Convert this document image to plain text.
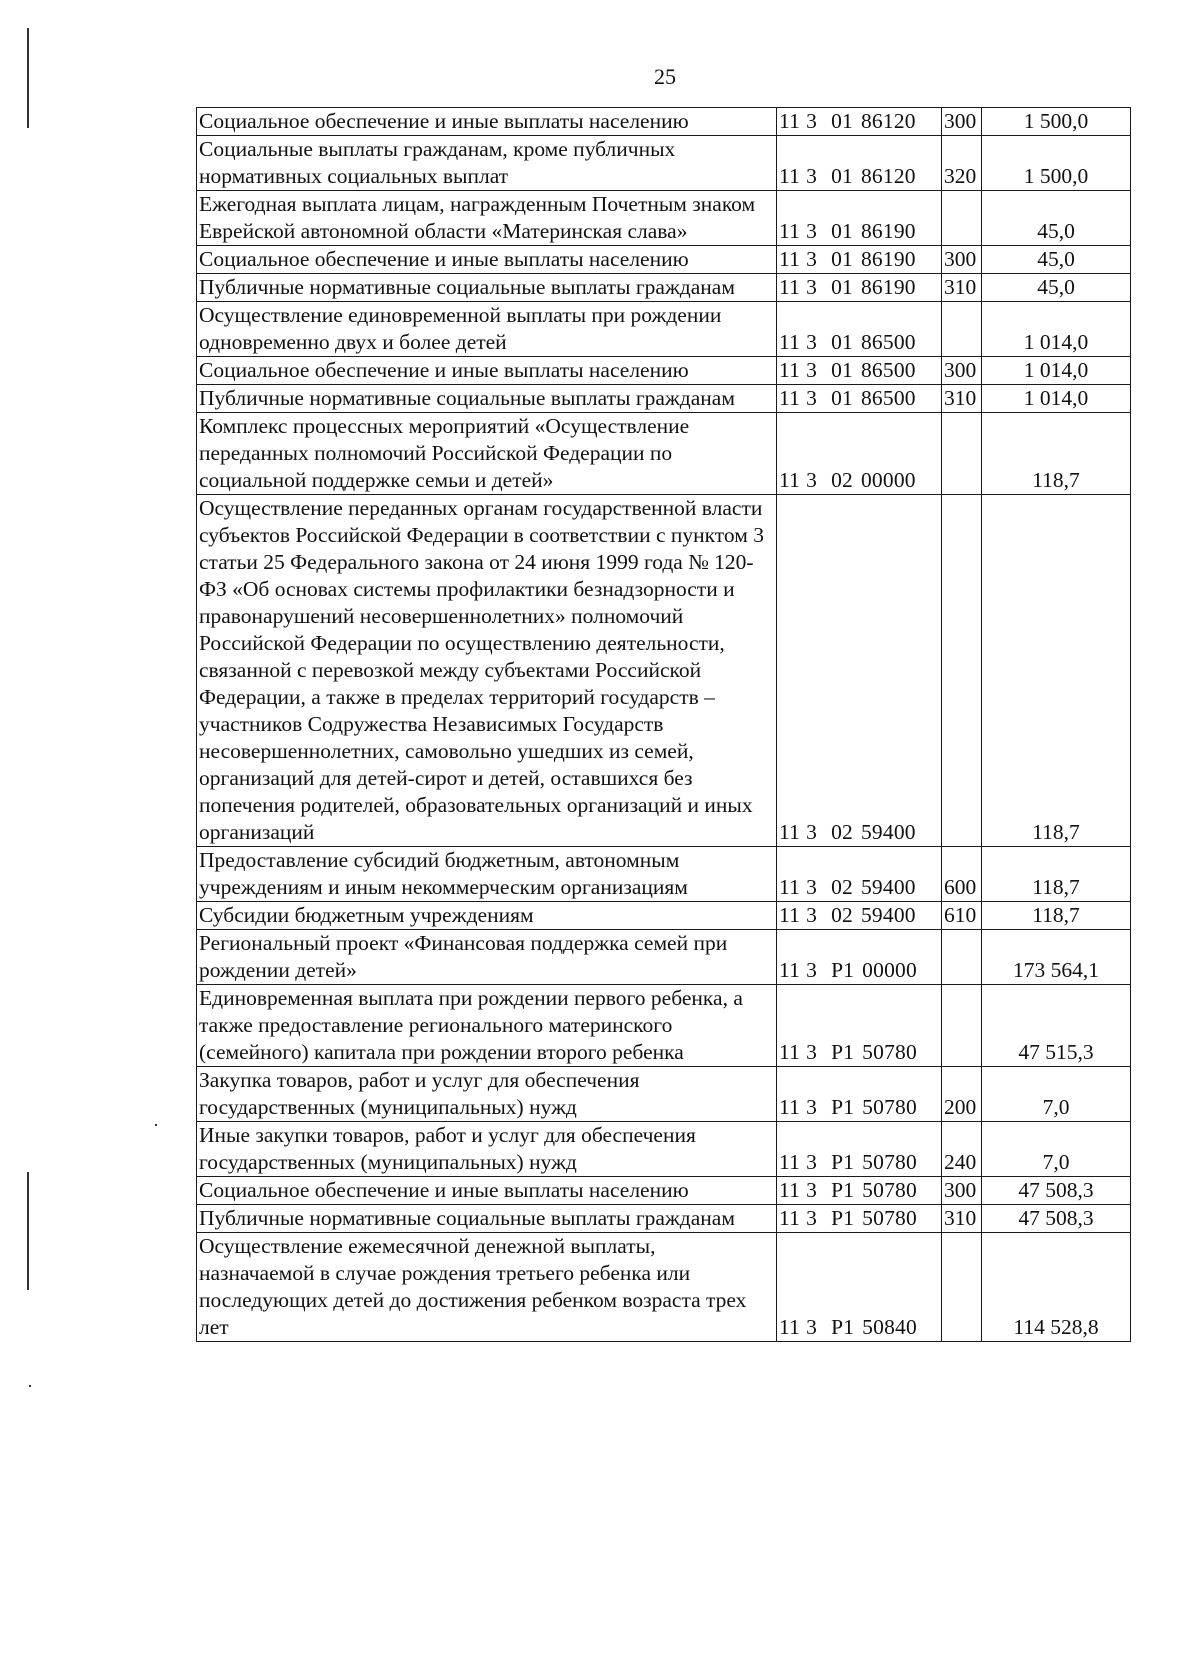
25
Социальное обеспечение и иные выплаты населению	11 3 01 86120	300	1 500,0
Социальные выплаты гражданам, кроме публичных нормативных социальных выплат	11 3 01 86120	320	1 500,0
Ежегодная выплата лицам, награжденным Почетным знаком Еврейской автономной области «Материнская слава»	11 3 01 86190		45,0
Социальное обеспечение и иные выплаты населению	11 3 01 86190	300	45,0
Публичные нормативные социальные выплаты гражданам	11 3 01 86190	310	45,0
Осуществление единовременной выплаты при рождении одновременно двух и более детей	11 3 01 86500		1 014,0
Социальное обеспечение и иные выплаты населению	11 3 01 86500	300	1 014,0
Публичные нормативные социальные выплаты гражданам	11 3 01 86500	310	1 014,0
Комплекс процессных мероприятий «Осуществление переданных полномочий Российской Федерации по социальной поддержке семьи и детей»	11 3 02 00000		118,7
Осуществление переданных органам государственной власти субъектов Российской Федерации в соответствии с пунктом 3 статьи 25 Федерального закона от 24 июня 1999 года № 120-ФЗ «Об основах системы профилактики безнадзорности и правонарушений несовершеннолетних» полномочий Российской Федерации по осуществлению деятельности, связанной с перевозкой между субъектами Российской Федерации, а также в пределах территорий государств – участников Содружества Независимых Государств несовершеннолетних, самовольно ушедших из семей, организаций для детей-сирот и детей, оставшихся без попечения родителей, образовательных организаций и иных организаций	11 3 02 59400		118,7
Предоставление субсидий бюджетным, автономным учреждениям и иным некоммерческим организациям	11 3 02 59400	600	118,7
Субсидии бюджетным учреждениям	11 3 02 59400	610	118,7
Региональный проект «Финансовая поддержка семей при рождении детей»	11 3 P1 00000		173 564,1
Единовременная выплата при рождении первого ребенка, а также предоставление регионального материнского (семейного) капитала при рождении второго ребенка	11 3 P1 50780		47 515,3
Закупка товаров, работ и услуг для обеспечения государственных (муниципальных) нужд	11 3 P1 50780	200	7,0
Иные закупки товаров, работ и услуг для обеспечения государственных (муниципальных) нужд	11 3 P1 50780	240	7,0
Социальное обеспечение и иные выплаты населению	11 3 P1 50780	300	47 508,3
Публичные нормативные социальные выплаты гражданам	11 3 P1 50780	310	47 508,3
Осуществление ежемесячной денежной выплаты, назначаемой в случае рождения третьего ребенка или последующих детей до достижения ребенком возраста трех лет	11 3 P1 50840		114 528,8
